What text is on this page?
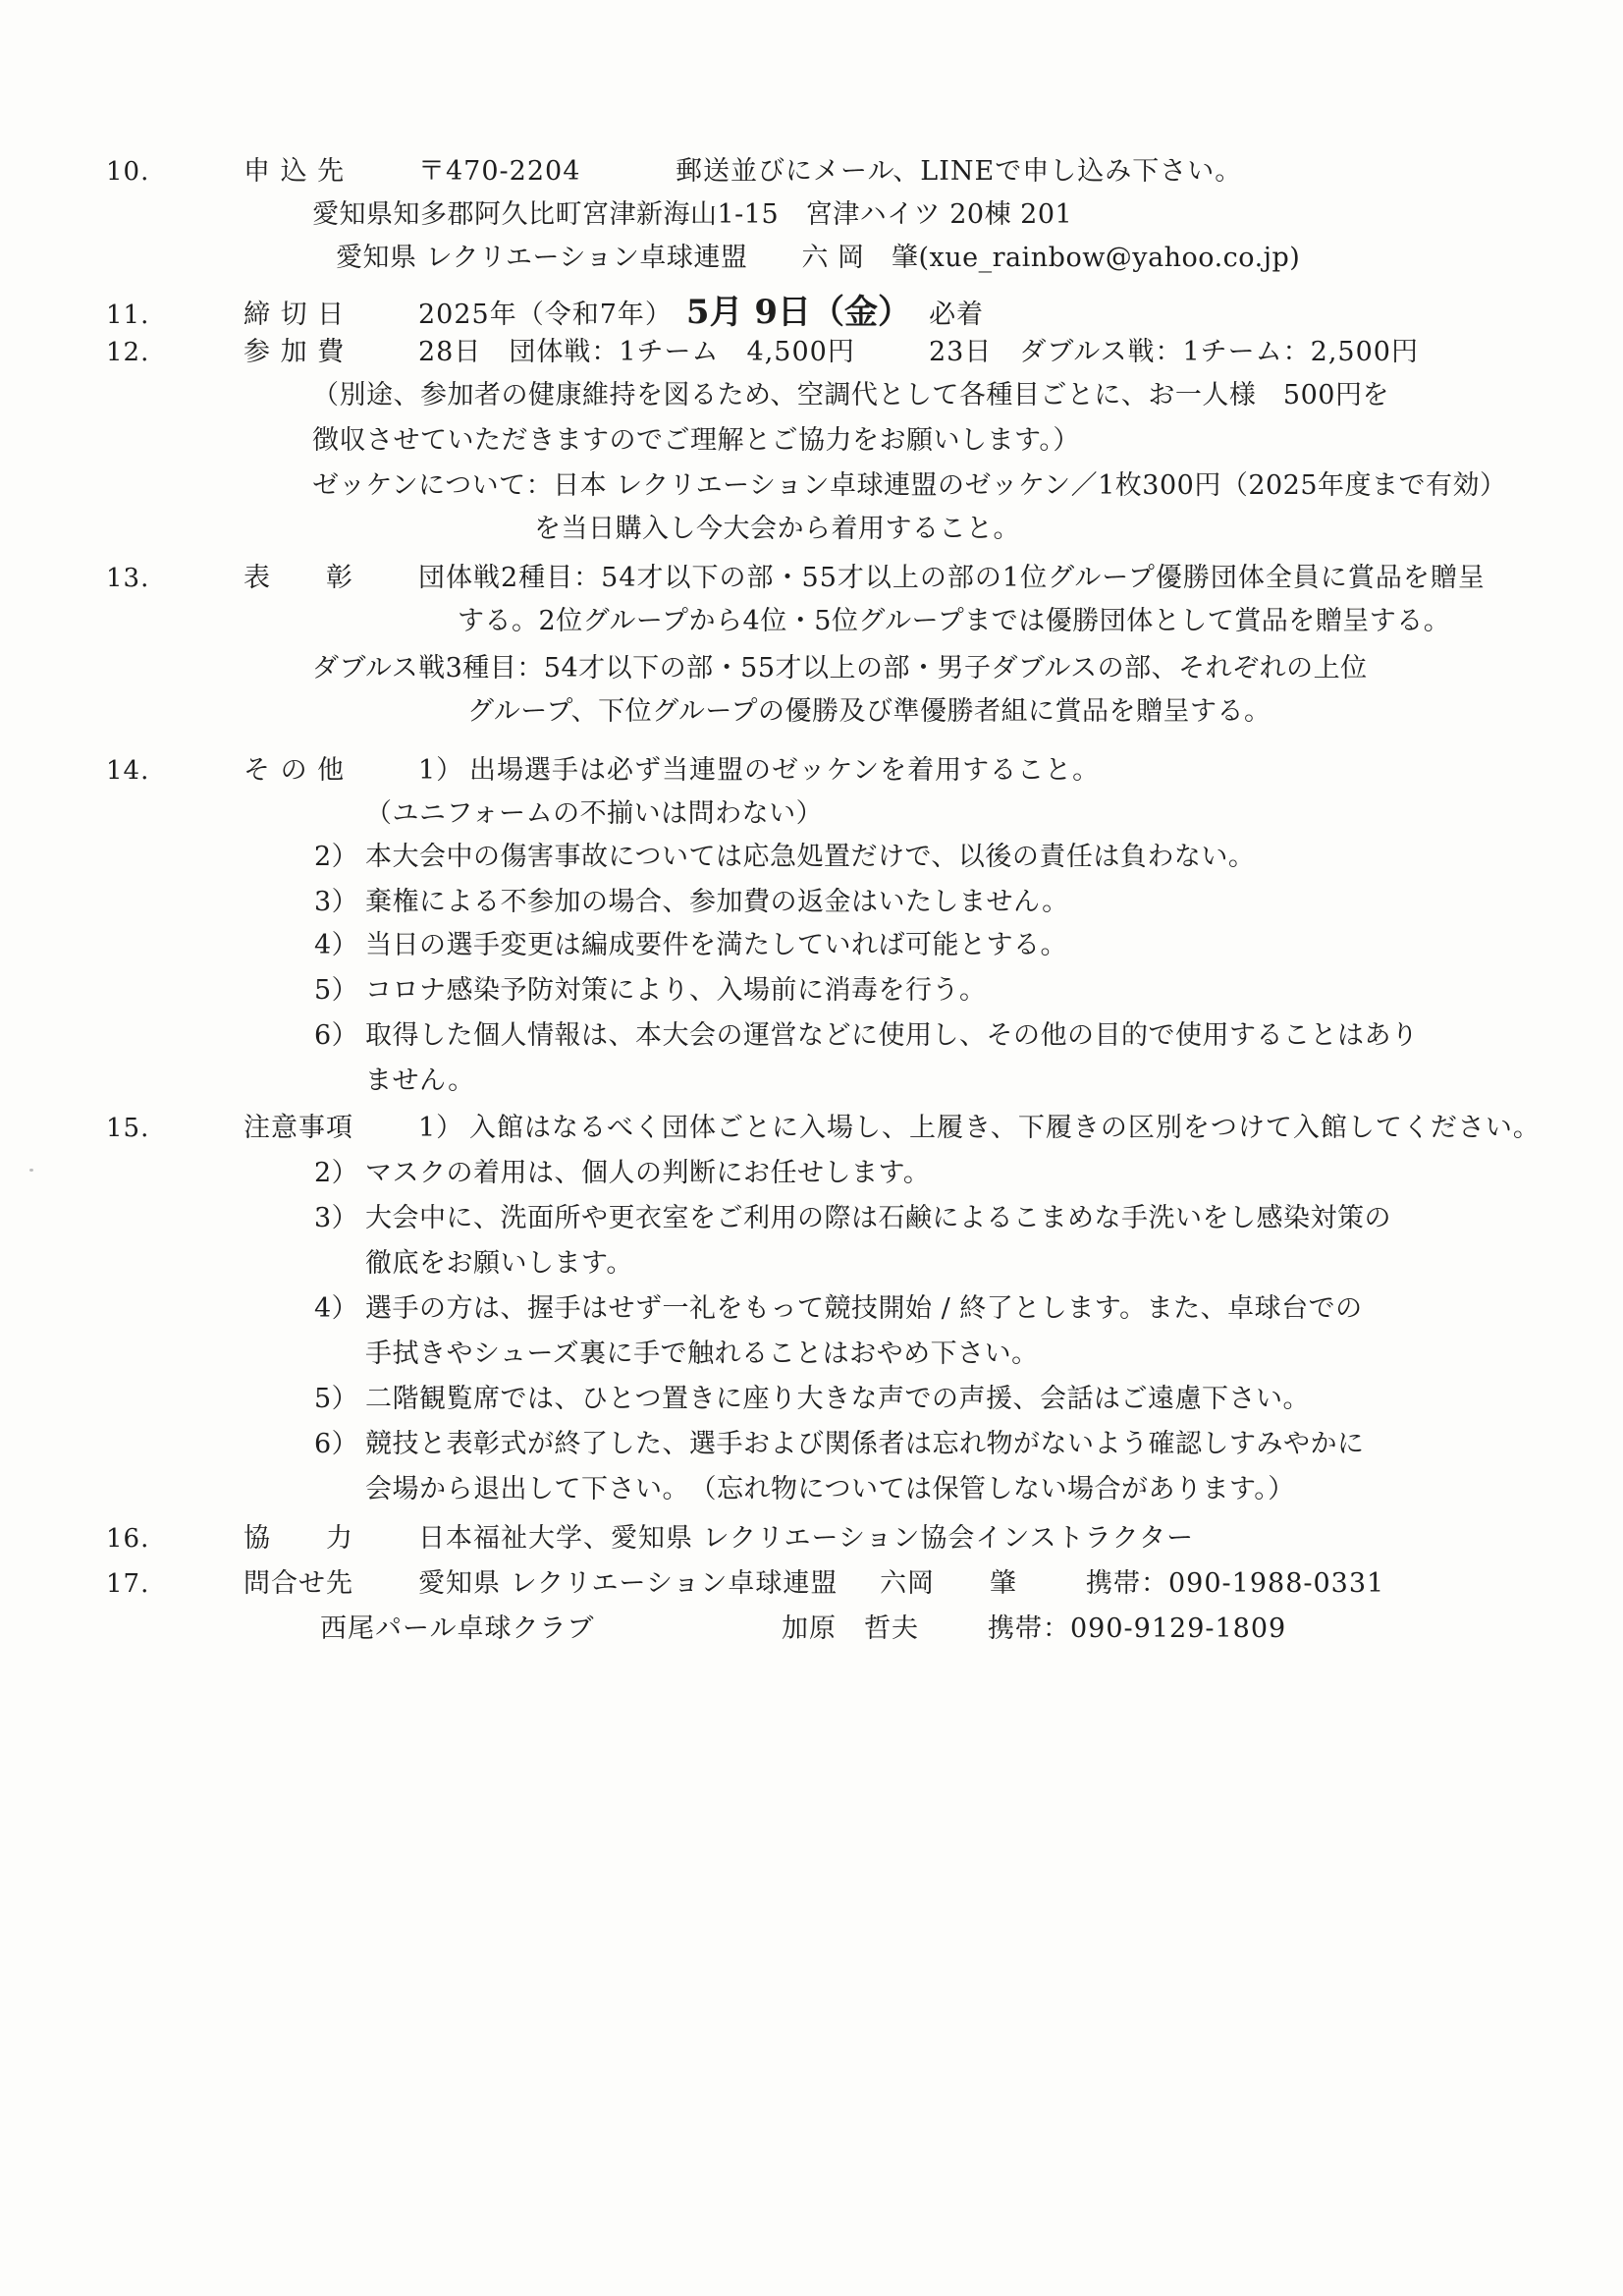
10.	申 込 先	〒470-2204	郵送並びにメール、LINEで申し込み下さい。
愛知県知多郡阿久比町宮津新海山1-15　宮津ハイツ 20棟 201
愛知県 レクリエーション卓球連盟　　六 岡　肇(xue_rainbow@yahoo.co.jp)
11.	締 切 日	2025年（令和7年） 5月 9日（金） 必着
12.	参 加 費	28日　団体戦：1チーム　4,500円	23日　ダブルス戦：1チーム：2,500円
（別途、参加者の健康維持を図るため、空調代として各種目ごとに、お一人様　500円を
徴収させていただきますのでご理解とご協力をお願いします。）
ゼッケンについて：日本 レクリエーション卓球連盟のゼッケン／1枚300円（2025年度まで有効）
を当日購入し今大会から着用すること。
13.	表　　彰	団体戦2種目：54才以下の部・55才以上の部の1位グループ優勝団体全員に賞品を贈呈
する。2位グループから4位・5位グループまでは優勝団体として賞品を贈呈する。
ダブルス戦3種目：54才以下の部・55才以上の部・男子ダブルスの部、それぞれの上位
グループ、下位グループの優勝及び準優勝者組に賞品を贈呈する。
14.	そ の 他	1） 出場選手は必ず当連盟のゼッケンを着用すること。
（ユニフォームの不揃いは問わない）
2） 本大会中の傷害事故については応急処置だけで、以後の責任は負わない。
3） 棄権による不参加の場合、参加費の返金はいたしません。
4） 当日の選手変更は編成要件を満たしていれば可能とする。
5） コロナ感染予防対策により、入場前に消毒を行う。
6） 取得した個人情報は、本大会の運営などに使用し、その他の目的で使用することはあり
ません。
15.	注意事項	1） 入館はなるべく団体ごとに入場し、上履き、下履きの区別をつけて入館してください。
2） マスクの着用は、個人の判断にお任せします。
3） 大会中に、洗面所や更衣室をご利用の際は石鹸によるこまめな手洗いをし感染対策の
徹底をお願いします。
4） 選手の方は、握手はせず一礼をもって競技開始 / 終了とします。また、卓球台での
手拭きやシューズ裏に手で触れることはおやめ下さい。
5） 二階観覧席では、ひとつ置きに座り大きな声での声援、会話はご遠慮下さい。
6） 競技と表彰式が終了した、選手および関係者は忘れ物がないよう確認しすみやかに
会場から退出して下さい。　（忘れ物については保管しない場合があります。）
16.	協　　力	日本福祉大学、愛知県 レクリエーション協会インストラクター
17.	問合せ先	愛知県 レクリエーション卓球連盟	六岡　　肇	携帯：090-1988-0331
西尾パール卓球クラブ	加原　哲夫	携帯：090-9129-1809
